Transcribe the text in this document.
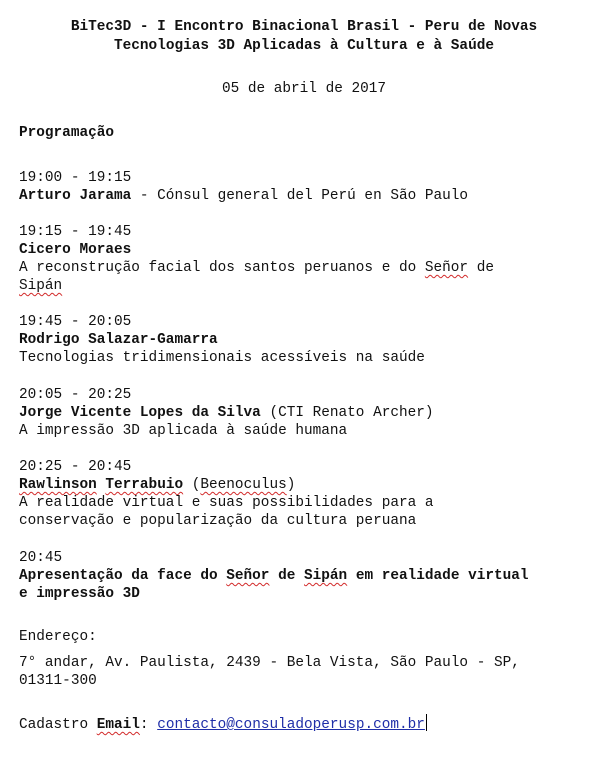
BiTec3D - I Encontro Binacional Brasil - Peru de Novas
Tecnologias 3D Aplicadas à Cultura e à Saúde
05 de abril de 2017
Programação
19:00 - 19:15
Arturo Jarama - Cónsul general del Perú en São Paulo
19:15 - 19:45
Cicero Moraes
A reconstrução facial dos santos peruanos e do Señor de
Sipán
19:45 - 20:05
Rodrigo Salazar-Gamarra
Tecnologias tridimensionais acessíveis na saúde
20:05 - 20:25
Jorge Vicente Lopes da Silva (CTI Renato Archer)
A impressão 3D aplicada à saúde humana
20:25 - 20:45
Rawlinson Terrabuio (Beenoculus)
A realidade virtual e suas possibilidades para a
conservação e popularização da cultura peruana
20:45
Apresentação da face do Señor de Sipán em realidade virtual
e impressão 3D
Endereço:
7° andar, Av. Paulista, 2439 - Bela Vista, São Paulo - SP,
01311-300
Cadastro Email: contacto@consuladoperusp.com.br
